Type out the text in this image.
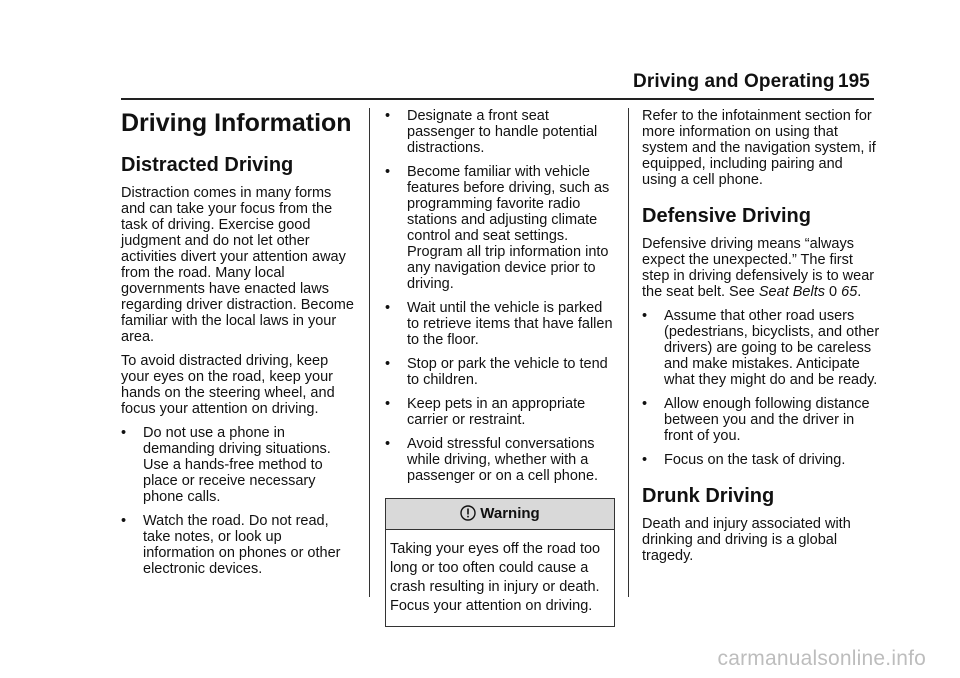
Driving and Operating 195
Driving Information
Distracted Driving
Distraction comes in many forms and can take your focus from the task of driving. Exercise good judgment and do not let other activities divert your attention away from the road. Many local governments have enacted laws regarding driver distraction. Become familiar with the local laws in your area.
To avoid distracted driving, keep your eyes on the road, keep your hands on the steering wheel, and focus your attention on driving.
• Do not use a phone in demanding driving situations. Use a hands-free method to place or receive necessary phone calls.
• Watch the road. Do not read, take notes, or look up information on phones or other electronic devices.
• Designate a front seat passenger to handle potential distractions.
• Become familiar with vehicle features before driving, such as programming favorite radio stations and adjusting climate control and seat settings. Program all trip information into any navigation device prior to driving.
• Wait until the vehicle is parked to retrieve items that have fallen to the floor.
• Stop or park the vehicle to tend to children.
• Keep pets in an appropriate carrier or restraint.
• Avoid stressful conversations while driving, whether with a passenger or on a cell phone.
Warning
Taking your eyes off the road too long or too often could cause a crash resulting in injury or death. Focus your attention on driving.
Refer to the infotainment section for more information on using that system and the navigation system, if equipped, including pairing and using a cell phone.
Defensive Driving
Defensive driving means “always expect the unexpected.” The first step in driving defensively is to wear the seat belt. See Seat Belts 0 65.
• Assume that other road users (pedestrians, bicyclists, and other drivers) are going to be careless and make mistakes. Anticipate what they might do and be ready.
• Allow enough following distance between you and the driver in front of you.
• Focus on the task of driving.
Drunk Driving
Death and injury associated with drinking and driving is a global tragedy.
carmanualsonline.info
